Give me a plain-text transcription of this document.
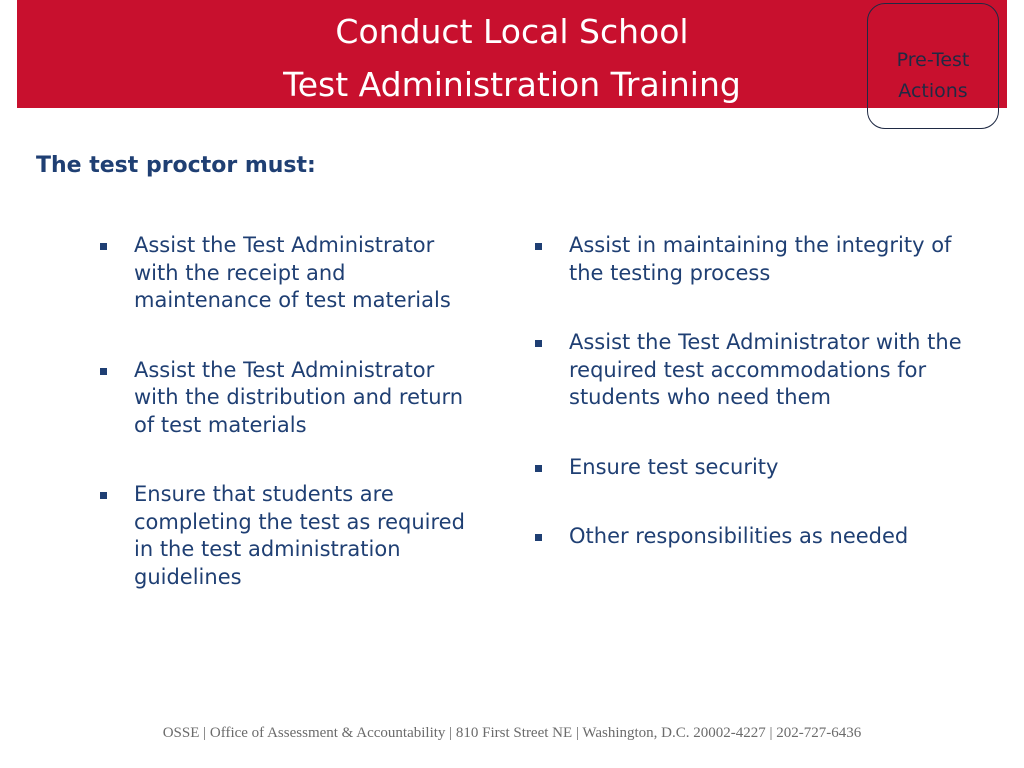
Conduct Local School
Test Administration Training
Pre-Test
Actions
The test proctor must:
Assist the Test Administrator with the receipt and maintenance of test materials
Assist the Test Administrator with the distribution and return of test materials
Ensure that students are completing the test as required in the test administration guidelines
Assist in maintaining the integrity of the testing process
Assist the Test Administrator with the required test accommodations for students who need them
Ensure test security
Other responsibilities as needed
OSSE | Office of Assessment & Accountability | 810 First Street NE | Washington, D.C. 20002-4227 | 202-727-6436
